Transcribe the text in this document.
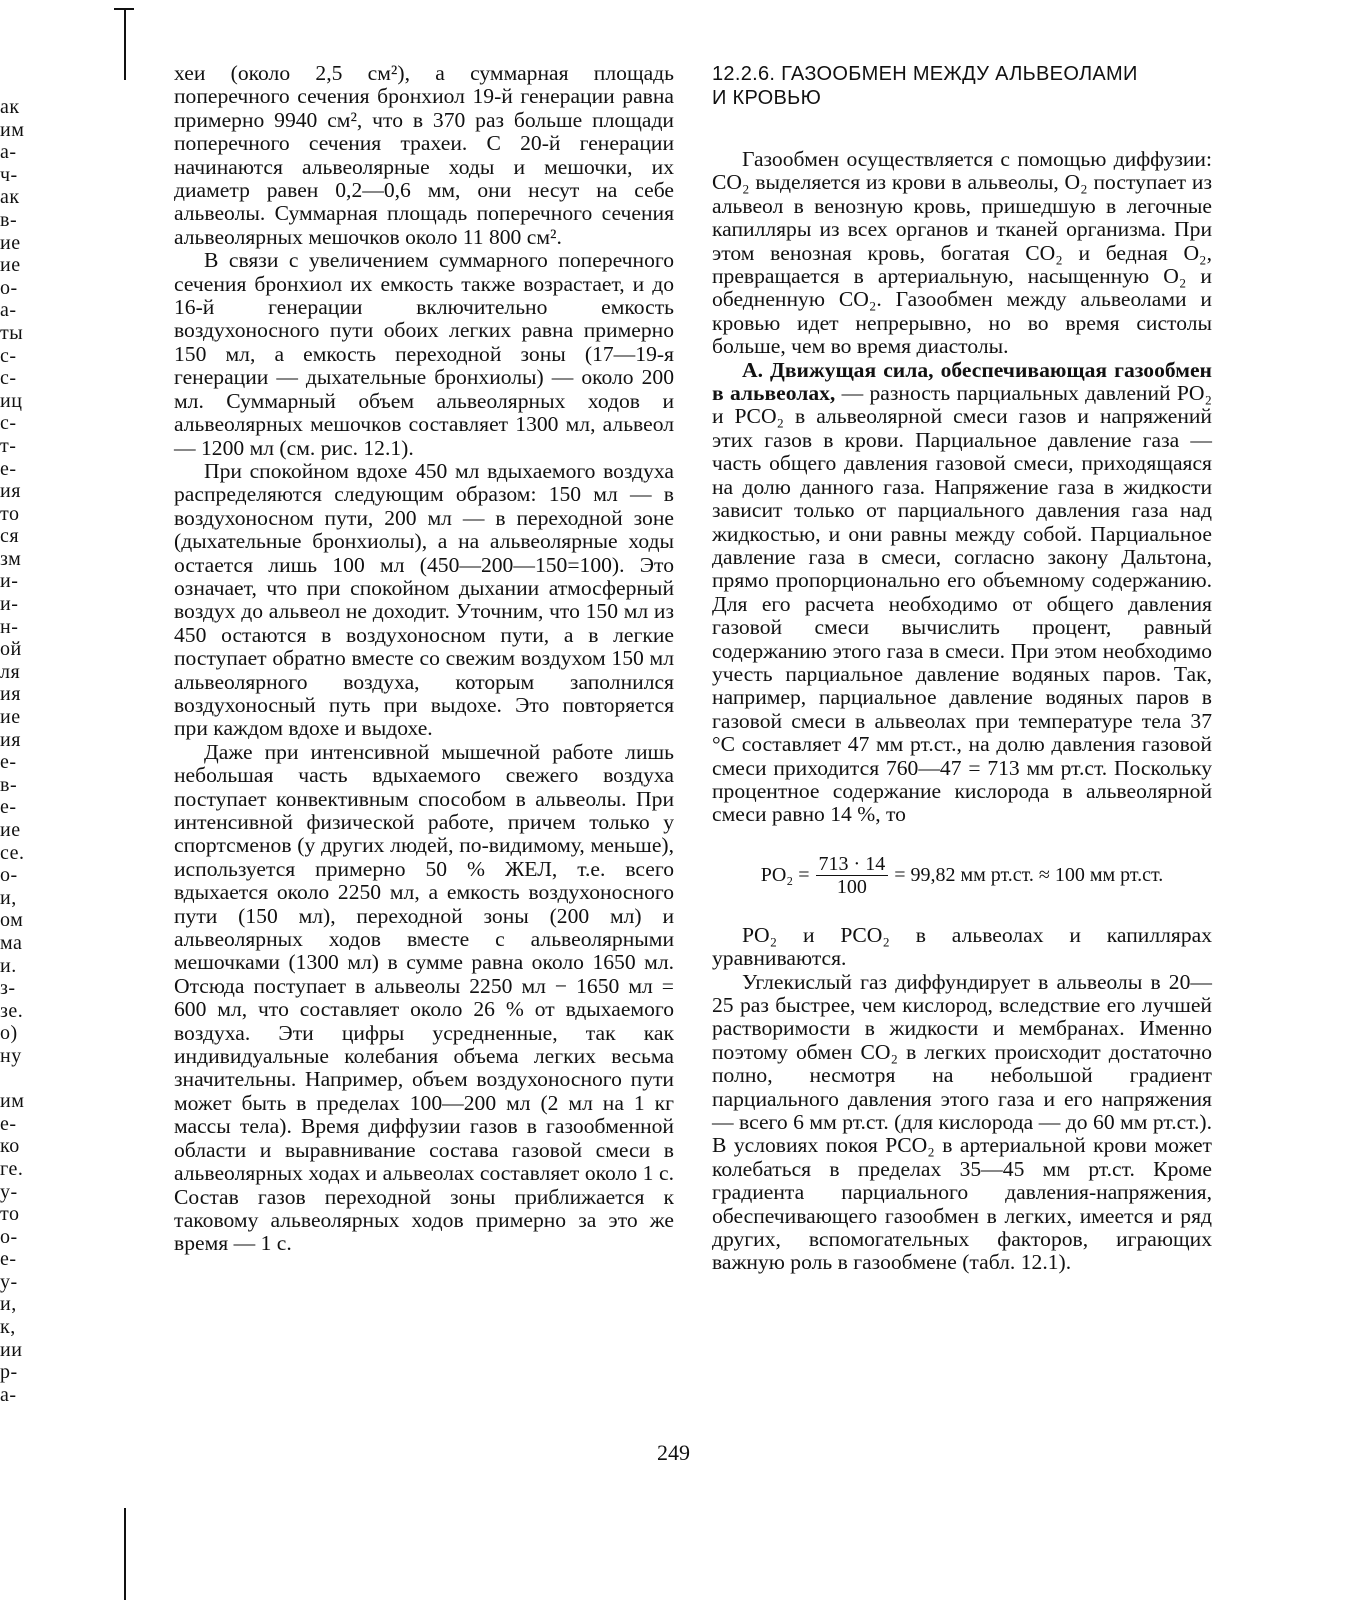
ак
им
а-
ч-
ак
в-
ие
ие
о-
а-
ты
с-
с-
иц
с-
т-
е-
ия
то
ся
зм
и-
и-
н-
ой
ля
ия
ие
ия
е-
в-
е-
ие
се.
о-
и,
ом
ма
и.
з-
зе.
о)
ну
им
е-
ко
ге.
у-
то
о-
е-
у-
и,
к,
ии
р-
а-

хеи (около 2,5 см²), а суммарная площадь поперечного сечения бронхиол 19-й генерации равна примерно 9940 см², что в 370 раз больше площади поперечного сечения трахеи. С 20-й генерации начинаются альвеолярные ходы и мешочки, их диаметр равен 0,2—0,6 мм, они несут на себе альвеолы. Суммарная площадь поперечного сечения альвеолярных мешочков около 11 800 см².

В связи с увеличением суммарного поперечного сечения бронхиол их емкость также возрастает, и до 16-й генерации включительно емкость воздухоносного пути обоих легких равна примерно 150 мл, а емкость переходной зоны (17—19-я генерации — дыхательные бронхиолы) — около 200 мл. Суммарный объем альвеолярных ходов и альвеолярных мешочков составляет 1300 мл, альвеол — 1200 мл (см. рис. 12.1).

При спокойном вдохе 450 мл вдыхаемого воздуха распределяются следующим образом: 150 мл — в воздухоносном пути, 200 мл — в переходной зоне (дыхательные бронхиолы), а на альвеолярные ходы остается лишь 100 мл (450—200—150=100). Это означает, что при спокойном дыхании атмосферный воздух до альвеол не доходит. Уточним, что 150 мл из 450 остаются в воздухоносном пути, а в легкие поступает обратно вместе со свежим воздухом 150 мл альвеолярного воздуха, которым заполнился воздухоносный путь при выдохе. Это повторяется при каждом вдохе и выдохе.

Даже при интенсивной мышечной работе лишь небольшая часть вдыхаемого свежего воздуха поступает конвективным способом в альвеолы. При интенсивной физической работе, причем только у спортсменов (у других людей, по-видимому, меньше), используется примерно 50 % ЖЕЛ, т.е. всего вдыхается около 2250 мл, а емкость воздухоносного пути (150 мл), переходной зоны (200 мл) и альвеолярных ходов вместе с альвеолярными мешочками (1300 мл) в сумме равна около 1650 мл. Отсюда поступает в альвеолы 2250 мл − 1650 мл = 600 мл, что составляет около 26 % от вдыхаемого воздуха. Эти цифры усредненные, так как индивидуальные колебания объема легких весьма значительны. Например, объем воздухоносного пути может быть в пределах 100—200 мл (2 мл на 1 кг массы тела). Время диффузии газов в газообменной области и выравнивание состава газовой смеси в альвеолярных ходах и альвеолах составляет около 1 с. Состав газов переходной зоны приближается к таковому альвеолярных ходов примерно за это же время — 1 с.

12.2.6. ГАЗООБМЕН МЕЖДУ АЛЬВЕОЛАМИ
И КРОВЬЮ

Газообмен осуществляется с помощью диффузии: CO₂ выделяется из крови в альвеолы, O₂ поступает из альвеол в венозную кровь, пришедшую в легочные капилляры из всех органов и тканей организма. При этом венозная кровь, богатая CO₂ и бедная O₂, превращается в артериальную, насыщенную O₂ и обедненную CO₂. Газообмен между альвеолами и кровью идет непрерывно, но во время систолы больше, чем во время диастолы.

А. Движущая сила, обеспечивающая газообмен в альвеолах, — разность парциальных давлений PO₂ и PCO₂ в альвеолярной смеси газов и напряжений этих газов в крови. Парциальное давление газа — часть общего давления газовой смеси, приходящаяся на долю данного газа. Напряжение газа в жидкости зависит только от парциального давления газа над жидкостью, и они равны между собой. Парциальное давление газа в смеси, согласно закону Дальтона, прямо пропорционально его объемному содержанию. Для его расчета необходимо от общего давления газовой смеси вычислить процент, равный содержанию этого газа в смеси. При этом необходимо учесть парциальное давление водяных паров. Так, например, парциальное давление водяных паров в газовой смеси в альвеолах при температуре тела 37 °С составляет 47 мм рт.ст., на долю давления газовой смеси приходится 760—47 = 713 мм рт.ст. Поскольку процентное содержание кислорода в альвеолярной смеси равно 14 %, то

$PO_2 = \frac{713 \cdot 14}{100} = 99,82$ мм рт.ст. ≈ 100 мм рт.ст.

PO₂ и PCO₂ в альвеолах и капиллярах уравниваются.

Углекислый газ диффундирует в альвеолы в 20—25 раз быстрее, чем кислород, вследствие его лучшей растворимости в жидкости и мембранах. Именно поэтому обмен CO₂ в легких происходит достаточно полно, несмотря на небольшой градиент парциального давления этого газа и его напряжения — всего 6 мм рт.ст. (для кислорода — до 60 мм рт.ст.). В условиях покоя PCO₂ в артериальной крови может колебаться в пределах 35—45 мм рт.ст. Кроме градиента парциального давления-напряжения, обеспечивающего газообмен в легких, имеется и ряд других, вспомогательных факторов, играющих важную роль в газообмене (табл. 12.1).

249
